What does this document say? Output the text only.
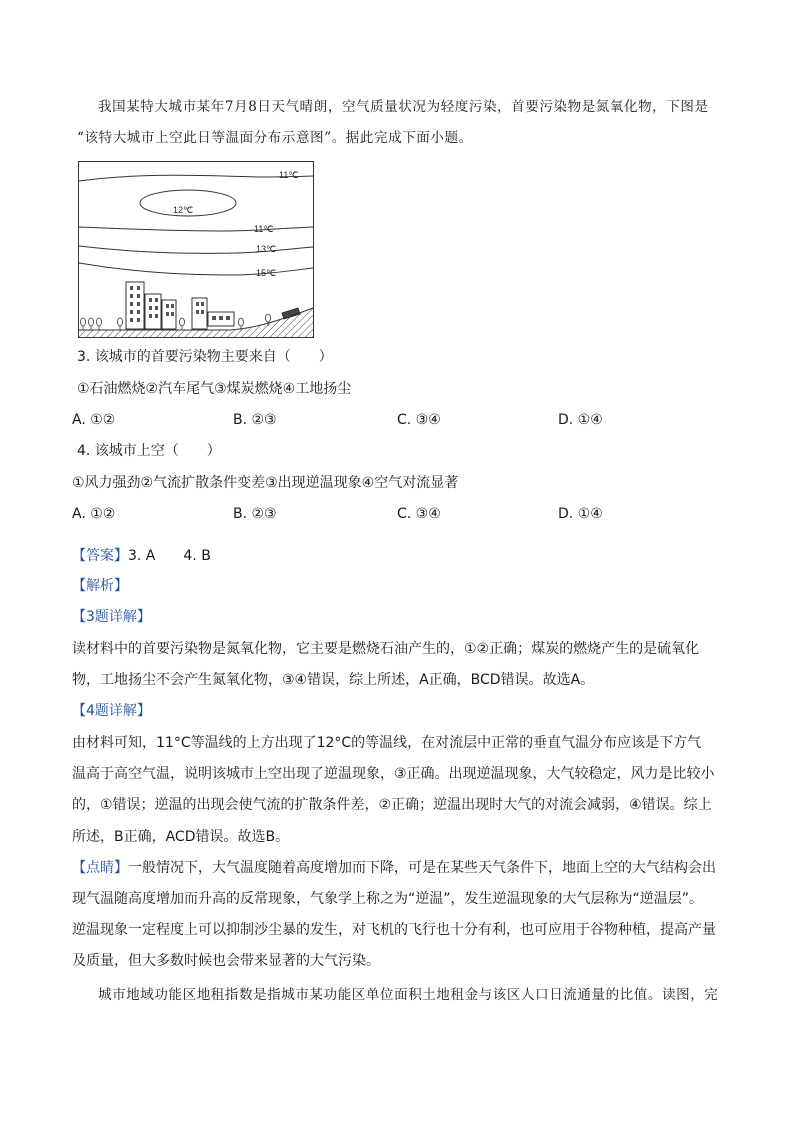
我国某特大城市某年7月8日天气晴朗，空气质量状况为轻度污染，首要污染物是氮氧化物，下图是
“该特大城市上空此日等温面分布示意图”。据此完成下面小题。
11℃
12℃
11℃
13℃
15℃
3. 该城市的首要污染物主要来自（　　）
①石油燃烧②汽车尾气③煤炭燃烧④工地扬尘
A. ①②	B. ②③	C. ③④	D. ①④
4. 该城市上空（　　）
①风力强劲②气流扩散条件变差③出现逆温现象④空气对流显著
A. ①②	B. ②③	C. ③④	D. ①④
【答案】3. A　　4. B
【解析】
【3题详解】
读材料中的首要污染物是氮氧化物，它主要是燃烧石油产生的，①②正确；煤炭的燃烧产生的是硫氧化
物，工地扬尘不会产生氮氧化物，③④错误，综上所述，A正确，BCD错误。故选A。
【4题详解】
由材料可知，11°C等温线的上方出现了12°C的等温线，在对流层中正常的垂直气温分布应该是下方气
温高于高空气温，说明该城市上空出现了逆温现象，③正确。出现逆温现象，大气较稳定，风力是比较小
的，①错误；逆温的出现会使气流的扩散条件差，②正确；逆温出现时大气的对流会减弱，④错误。综上
所述，B正确，ACD错误。故选B。
【点睛】一般情况下，大气温度随着高度增加而下降，可是在某些天气条件下，地面上空的大气结构会出
现气温随高度增加而升高的反常现象，气象学上称之为“逆温”，发生逆温现象的大气层称为“逆温层”。
逆温现象一定程度上可以抑制沙尘暴的发生，对飞机的飞行也十分有利，也可应用于谷物种植，提高产量
及质量，但大多数时候也会带来显著的大气污染。
城市地域功能区地租指数是指城市某功能区单位面积土地租金与该区人口日流通量的比值。读图，完
